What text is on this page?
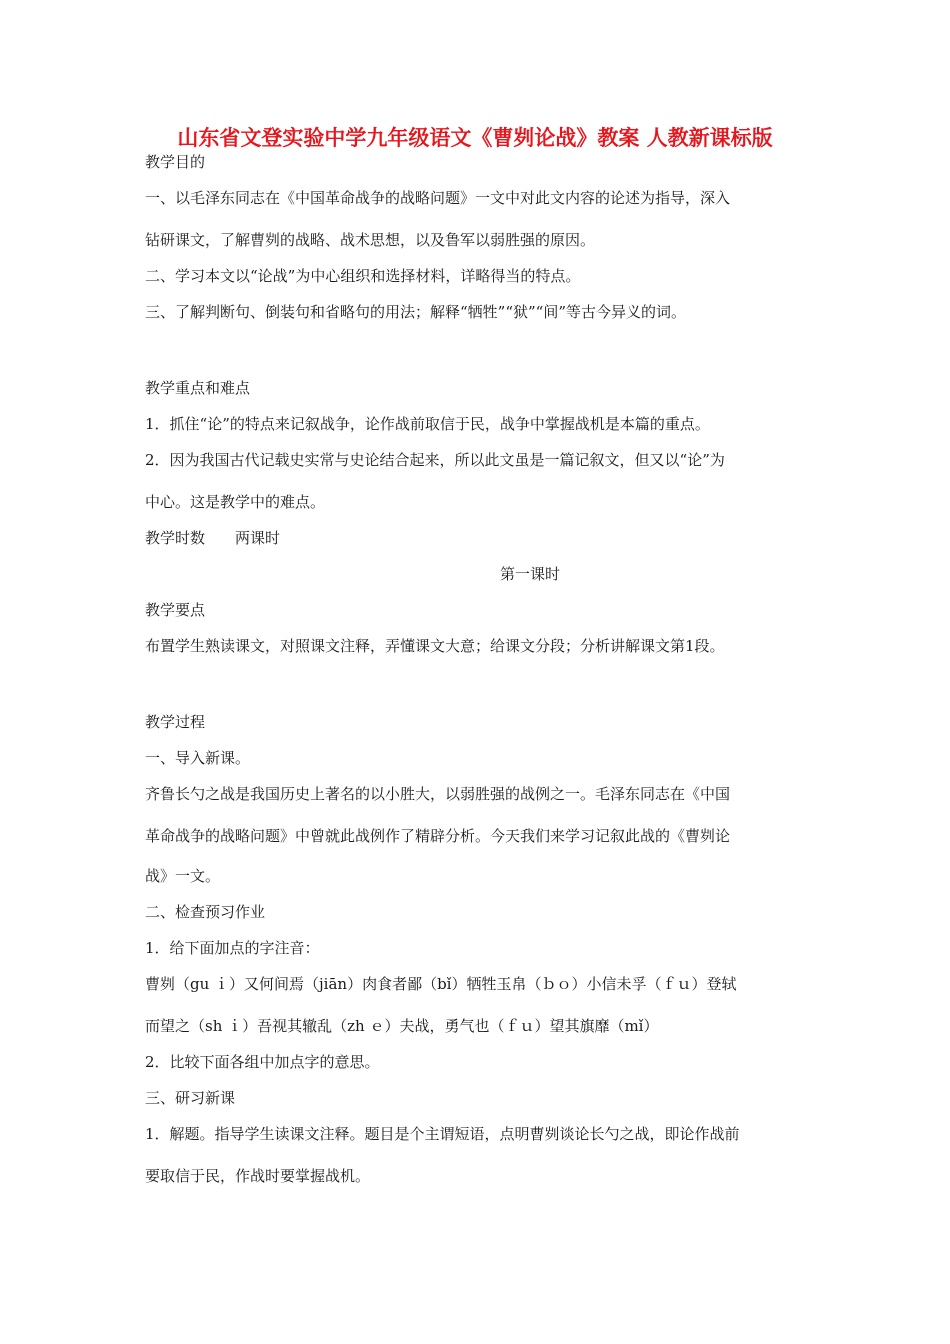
山东省文登实验中学九年级语文《曹刿论战》教案 人教新课标版
教学目的
一、以毛泽东同志在《中国革命战争的战略问题》一文中对此文内容的论述为指导，深入
钻研课文，了解曹刿的战略、战术思想，以及鲁军以弱胜强的原因。
二、学习本文以“论战”为中心组织和选择材料，详略得当的特点。
三、了解判断句、倒装句和省略句的用法；解释“牺牲”“狱”“间”等古今异义的词。
教学重点和难点
1．抓住“论”的特点来记叙战争，论作战前取信于民，战争中掌握战机是本篇的重点。
2．因为我国古代记载史实常与史论结合起来，所以此文虽是一篇记叙文，但又以“论”为
中心。这是教学中的难点。
教学时数 两课时
第一课时
教学要点
布置学生熟读课文，对照课文注释，弄懂课文大意；给课文分段；分析讲解课文第1段。
教学过程
一、导入新课。
齐鲁长勺之战是我国历史上著名的以小胜大，以弱胜强的战例之一。毛泽东同志在《中国
革命战争的战略问题》中曾就此战例作了精辟分析。今天我们来学习记叙此战的《曹刿论
战》一文。
二、检查预习作业
1．给下面加点的字注音：
曹刿（gu ｉ）又何间焉（jiān）肉食者鄙（bǐ）牺牲玉帛（ｂｏ）小信未孚（ｆｕ）登轼
而望之（sh ｉ）吾视其辙乱（zh ｅ）夫战，勇气也（ｆｕ）望其旗靡（mǐ）
2．比较下面各组中加点字的意思。
三、研习新课
1．解题。指导学生读课文注释。题目是个主谓短语，点明曹刿谈论长勺之战，即论作战前
要取信于民，作战时要掌握战机。
